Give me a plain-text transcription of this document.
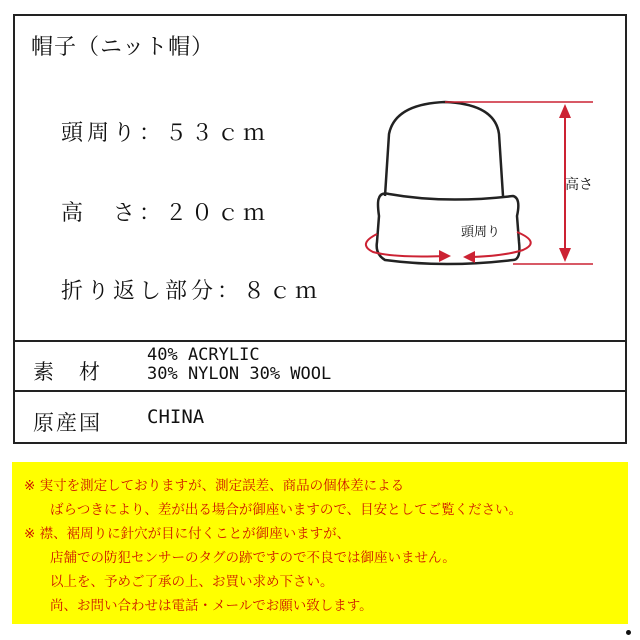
帽子（ニット帽）
頭周り：５３ｃｍ
高　さ：２０ｃｍ
折り返し部分：８ｃｍ
高さ
頭周り
素　材
40% ACRYLIC
30% NYLON 30% WOOL
原産国 CHINA
※ 実寸を測定しておりますが、測定誤差、商品の個体差による
ばらつきにより、差が出る場合が御座いますので、目安としてご覧ください。
※ 襟、裾周りに針穴が目に付くことが御座いますが、
店舗での防犯センサーのタグの跡ですので不良では御座いません。
以上を、予めご了承の上、お買い求め下さい。
尚、お問い合わせは電話・メールでお願い致します。
